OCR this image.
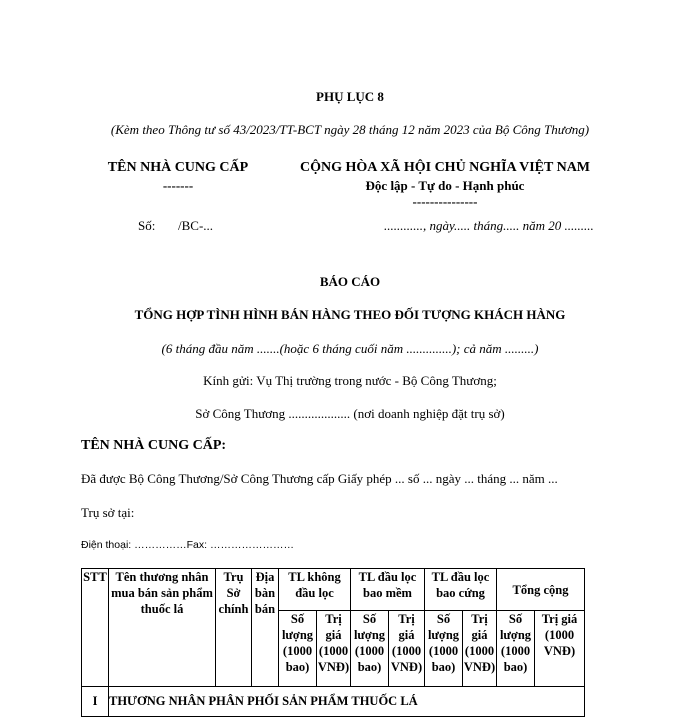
PHỤ LỤC 8
(Kèm theo Thông tư số 43/2023/TT-BCT ngày 28 tháng 12 năm 2023 của Bộ Công Thương)
TÊN NHÀ CUNG CẤP
-------
CỘNG HÒA XÃ HỘI CHỦ NGHĨA VIỆT NAM
Độc lập - Tự do - Hạnh phúc
---------------
Số: /BC-...	............, ngày..... tháng..... năm 20 .........
BÁO CÁO
TỔNG HỢP TÌNH HÌNH BÁN HÀNG THEO ĐỐI TƯỢNG KHÁCH HÀNG
(6 tháng đầu năm .......(hoặc 6 tháng cuối năm ..............); cả năm .........)
Kính gửi: Vụ Thị trường trong nước - Bộ Công Thương;
Sở Công Thương ................... (nơi doanh nghiệp đặt trụ sở)
TÊN NHÀ CUNG CẤP:
Đã được Bộ Công Thương/Sở Công Thương cấp Giấy phép ... số ... ngày ... tháng ... năm ...
Trụ sở tại:
Điện thoại: ……………Fax: ……………………
STT	Tên thương nhân mua bán sản phẩm thuốc lá	Trụ Sở chính	Địa bàn bán	TL không đầu lọc		TL đầu lọc bao mềm		TL đầu lọc bao cứng		Tổng cộng	
				Số lượng (1000 bao)	Trị giá (1000 VNĐ)	Số lượng (1000 bao)	Trị giá (1000 VNĐ)	Số lượng (1000 bao)	Trị giá (1000 VNĐ)	Số lượng (1000 bao)	Trị giá (1000 VNĐ)
I	THƯƠNG NHÂN PHÂN PHỐI SẢN PHẨM THUỐC LÁ										
